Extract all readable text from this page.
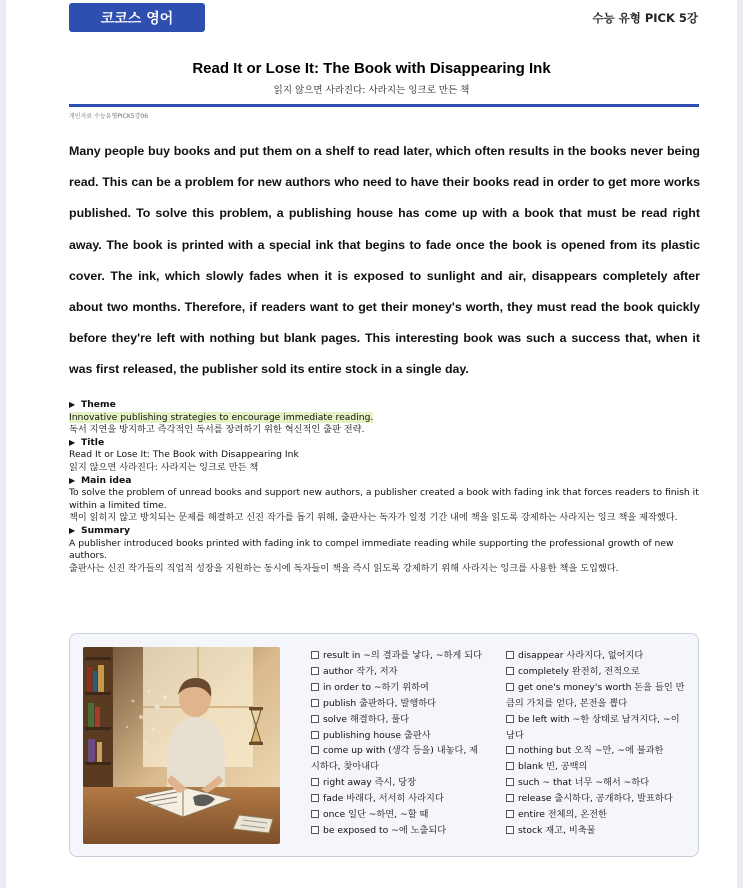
코코스 영어	수능 유형 PICK 5강
Read It or Lose It: The Book with Disappearing Ink
읽지 않으면 사라진다: 사라지는 잉크로 만든 책
개인자료 수능유형PICK5강06

Many people buy books and put them on a shelf to read later, which often results in the books never being read. This can be a problem for new authors who need to have their books read in order to get more works published. To solve this problem, a publishing house has come up with a book that must be read right away. The book is printed with a special ink that begins to fade once the book is opened from its plastic cover. The ink, which slowly fades when it is exposed to sunlight and air, disappears completely after about two months. Therefore, if readers want to get their money's worth, they must read the book quickly before they're left with nothing but blank pages. This interesting book was such a success that, when it was first released, the publisher sold its entire stock in a single day.

▶ Theme
Innovative publishing strategies to encourage immediate reading.
독서 지연을 방지하고 즉각적인 독서를 장려하기 위한 혁신적인 출판 전략.
▶ Title
Read It or Lose It: The Book with Disappearing Ink
읽지 않으면 사라진다: 사라지는 잉크로 만든 책
▶ Main idea
To solve the problem of unread books and support new authors, a publisher created a book with fading ink that forces readers to finish it within a limited time.
책이 읽히지 않고 방치되는 문제를 해결하고 신진 작가를 돕기 위해, 출판사는 독자가 일정 기간 내에 책을 읽도록 강제하는 사라지는 잉크 책을 제작했다.
▶ Summary
A publisher introduced books printed with fading ink to compel immediate reading while supporting the professional growth of new authors.
출판사는 신진 작가들의 직업적 성장을 지원하는 동시에 독자들이 책을 즉시 읽도록 강제하기 위해 사라지는 잉크를 사용한 책을 도입했다.
result in ~의 결과를 낳다, ~하게 되다
author 작가, 저자
in order to ~하기 위하여
publish 출판하다, 발행하다
solve 해결하다, 풀다
publishing house 출판사
come up with (생각 등을) 내놓다, 제시하다, 찾아내다
right away 즉시, 당장
fade 바래다, 서서히 사라지다
once 일단 ~하면, ~할 때
be exposed to ~에 노출되다
disappear 사라지다, 없어지다
completely 완전히, 전적으로
get one's money's worth 돈을 들인 만큼의 가치를 얻다, 본전을 뽑다
be left with ~한 상태로 남겨지다, ~이 남다
nothing but 오직 ~만, ~에 불과한
blank 빈, 공백의
such ~ that 너무 ~해서 ~하다
release 출시하다, 공개하다, 발표하다
entire 전체의, 온전한
stock 재고, 비축물
